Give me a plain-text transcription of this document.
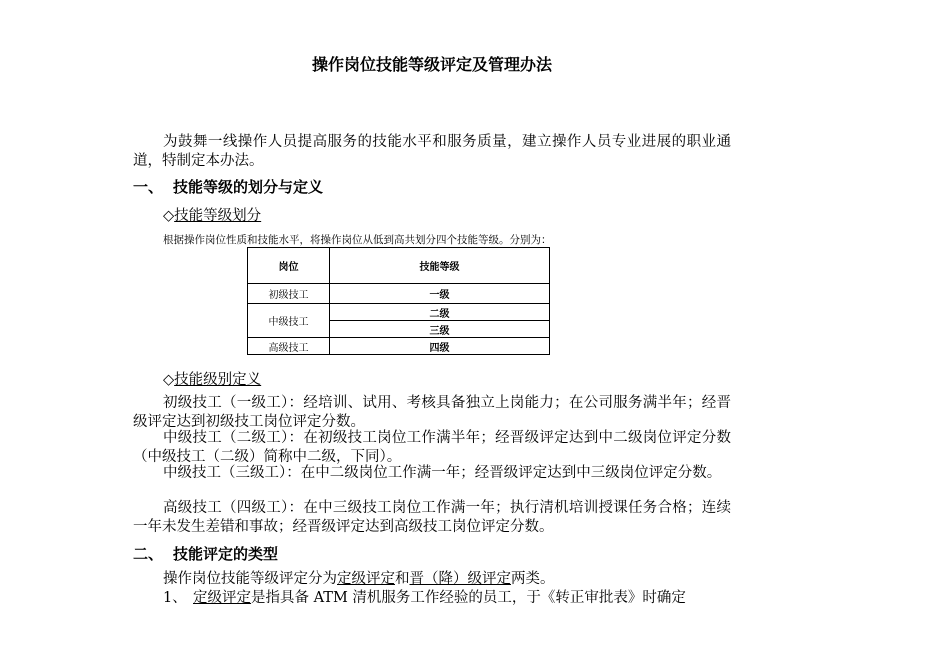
操作岗位技能等级评定及管理办法
为鼓舞一线操作人员提高服务的技能水平和服务质量，建立操作人员专业进展的职业通道，特制定本办法。
一、 技能等级的划分与定义
◇技能等级划分
根据操作岗位性质和技能水平，将操作岗位从低到高共划分四个技能等级。分别为：
岗位	技能等级
初级技工	一级
中级技工	二级
	三级
高级技工	四级
◇技能级别定义
初级技工（一级工）：经培训、试用、考核具备独立上岗能力；在公司服务满半年；经晋级评定达到初级技工岗位评定分数。
中级技工（二级工）：在初级技工岗位工作满半年；经晋级评定达到中二级岗位评定分数（中级技工（二级）简称中二级，下同）。
中级技工（三级工）：在中二级岗位工作满一年；经晋级评定达到中三级岗位评定分数。
高级技工（四级工）：在中三级技工岗位工作满一年；执行清机培训授课任务合格；连续一年未发生差错和事故；经晋级评定达到高级技工岗位评定分数。
二、 技能评定的类型
操作岗位技能等级评定分为定级评定和晋（降）级评定两类。
1、 定级评定是指具备 ATM 清机服务工作经验的员工，于《转正审批表》时确定
